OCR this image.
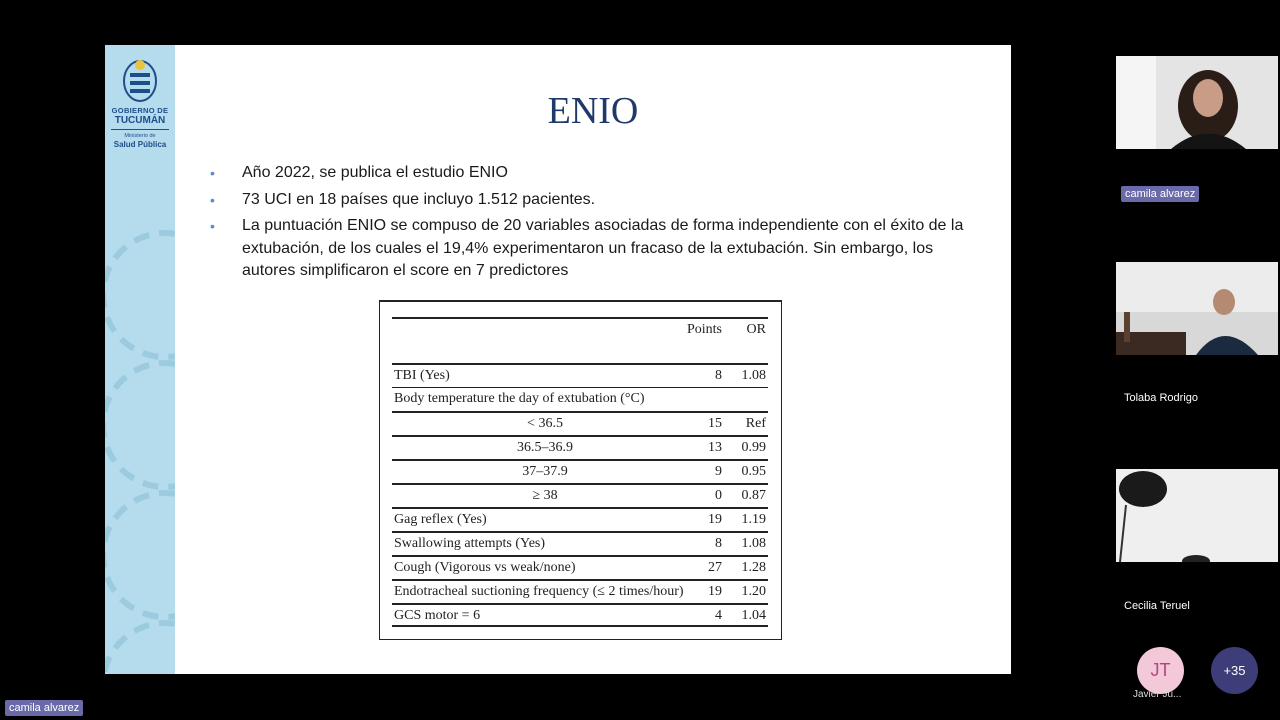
GOBIERNO DE
TUCUMÁN
Ministerio de
Salud Pública
ENIO
• Año 2022, se publica el estudio ENIO
• 73 UCI en 18 países que incluyo 1.512 pacientes.
• La puntuación ENIO se compuso de 20 variables asociadas de forma independiente con el éxito de la extubación, de los cuales el 19,4% experimentaron un fracaso de la extubación. Sin embargo, los autores simplificaron el score en 7 predictores
Points OR
TBI (Yes)	8 1.08
Body temperature the day of extubation (°C)
< 36.5	15 Ref
36.5–36.9	13 0.99
37–37.9	9 0.95
≥ 38	0 0.87
Gag reflex (Yes)	19 1.19
Swallowing attempts (Yes)	8 1.08
Cough (Vigorous vs weak/none)	27 1.28
Endotracheal suctioning frequency (≤ 2 times/hour) 19 1.20
GCS motor = 6	4 1.04
camila alvarez
Tolaba Rodrigo
Cecilia Teruel
JT
Javier Ju...
+35
camila alvarez
